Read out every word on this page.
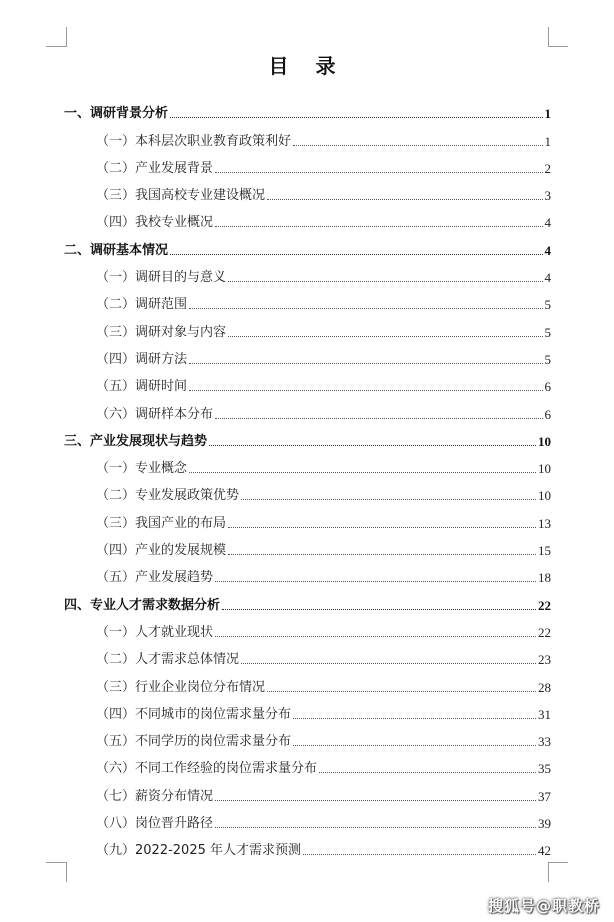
目 录
一、调研背景分析	1
（一）本科层次职业教育政策利好	1
（二）产业发展背景	2
（三）我国高校专业建设概况	3
（四）我校专业概况	4
二、调研基本情况	4
（一）调研目的与意义	4
（二）调研范围	5
（三）调研对象与内容	5
（四）调研方法	5
（五）调研时间	6
（六）调研样本分布	6
三、产业发展现状与趋势	10
（一）专业概念	10
（二）专业发展政策优势	10
（三）我国产业的布局	13
（四）产业的发展规模	15
（五）产业发展趋势	18
四、专业人才需求数据分析	22
（一）人才就业现状	22
（二）人才需求总体情况	23
（三）行业企业岗位分布情况	28
（四）不同城市的岗位需求量分布	31
（五）不同学历的岗位需求量分布	33
（六）不同工作经验的岗位需求量分布	35
（七）薪资分布情况	37
（八）岗位晋升路径	39
（九）2022-2025 年人才需求预测	42
搜狐号@职教桥
